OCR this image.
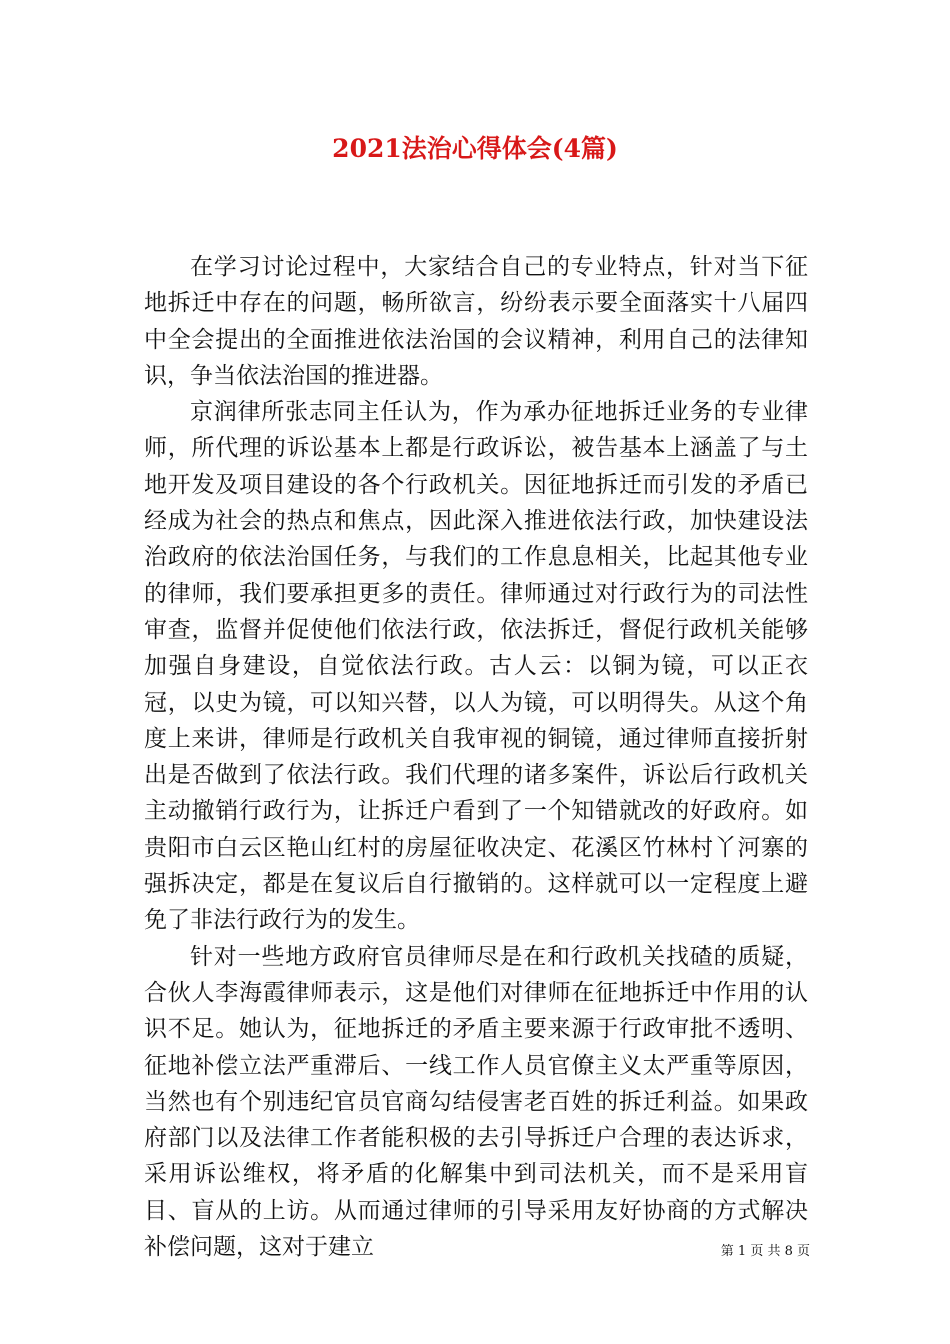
2021法治心得体会(4篇)

在学习讨论过程中，大家结合自己的专业特点，针对当下征地拆迁中存在的问题，畅所欲言，纷纷表示要全面落实十八届四中全会提出的全面推进依法治国的会议精神，利用自己的法律知识，争当依法治国的推进器。

京润律所张志同主任认为，作为承办征地拆迁业务的专业律师，所代理的诉讼基本上都是行政诉讼，被告基本上涵盖了与土地开发及项目建设的各个行政机关。因征地拆迁而引发的矛盾已经成为社会的热点和焦点，因此深入推进依法行政，加快建设法治政府的依法治国任务，与我们的工作息息相关，比起其他专业的律师，我们要承担更多的责任。律师通过对行政行为的司法性审查，监督并促使他们依法行政，依法拆迁，督促行政机关能够加强自身建设，自觉依法行政。古人云：以铜为镜，可以正衣冠，以史为镜，可以知兴替，以人为镜，可以明得失。从这个角度上来讲，律师是行政机关自我审视的铜镜，通过律师直接折射出是否做到了依法行政。我们代理的诸多案件，诉讼后行政机关主动撤销行政行为，让拆迁户看到了一个知错就改的好政府。如贵阳市白云区艳山红村的房屋征收决定、花溪区竹林村丫河寨的强拆决定，都是在复议后自行撤销的。这样就可以一定程度上避免了非法行政行为的发生。

针对一些地方政府官员律师尽是在和行政机关找碴的质疑，合伙人李海霞律师表示，这是他们对律师在征地拆迁中作用的认识不足。她认为，征地拆迁的矛盾主要来源于行政审批不透明、征地补偿立法严重滞后、一线工作人员官僚主义太严重等原因，当然也有个别违纪官员官商勾结侵害老百姓的拆迁利益。如果政府部门以及法律工作者能积极的去引导拆迁户合理的表达诉求，采用诉讼维权，将矛盾的化解集中到司法机关，而不是采用盲目、盲从的上访。从而通过律师的引导采用友好协商的方式解决补偿问题，这对于建立	第 1 页 共 8 页
